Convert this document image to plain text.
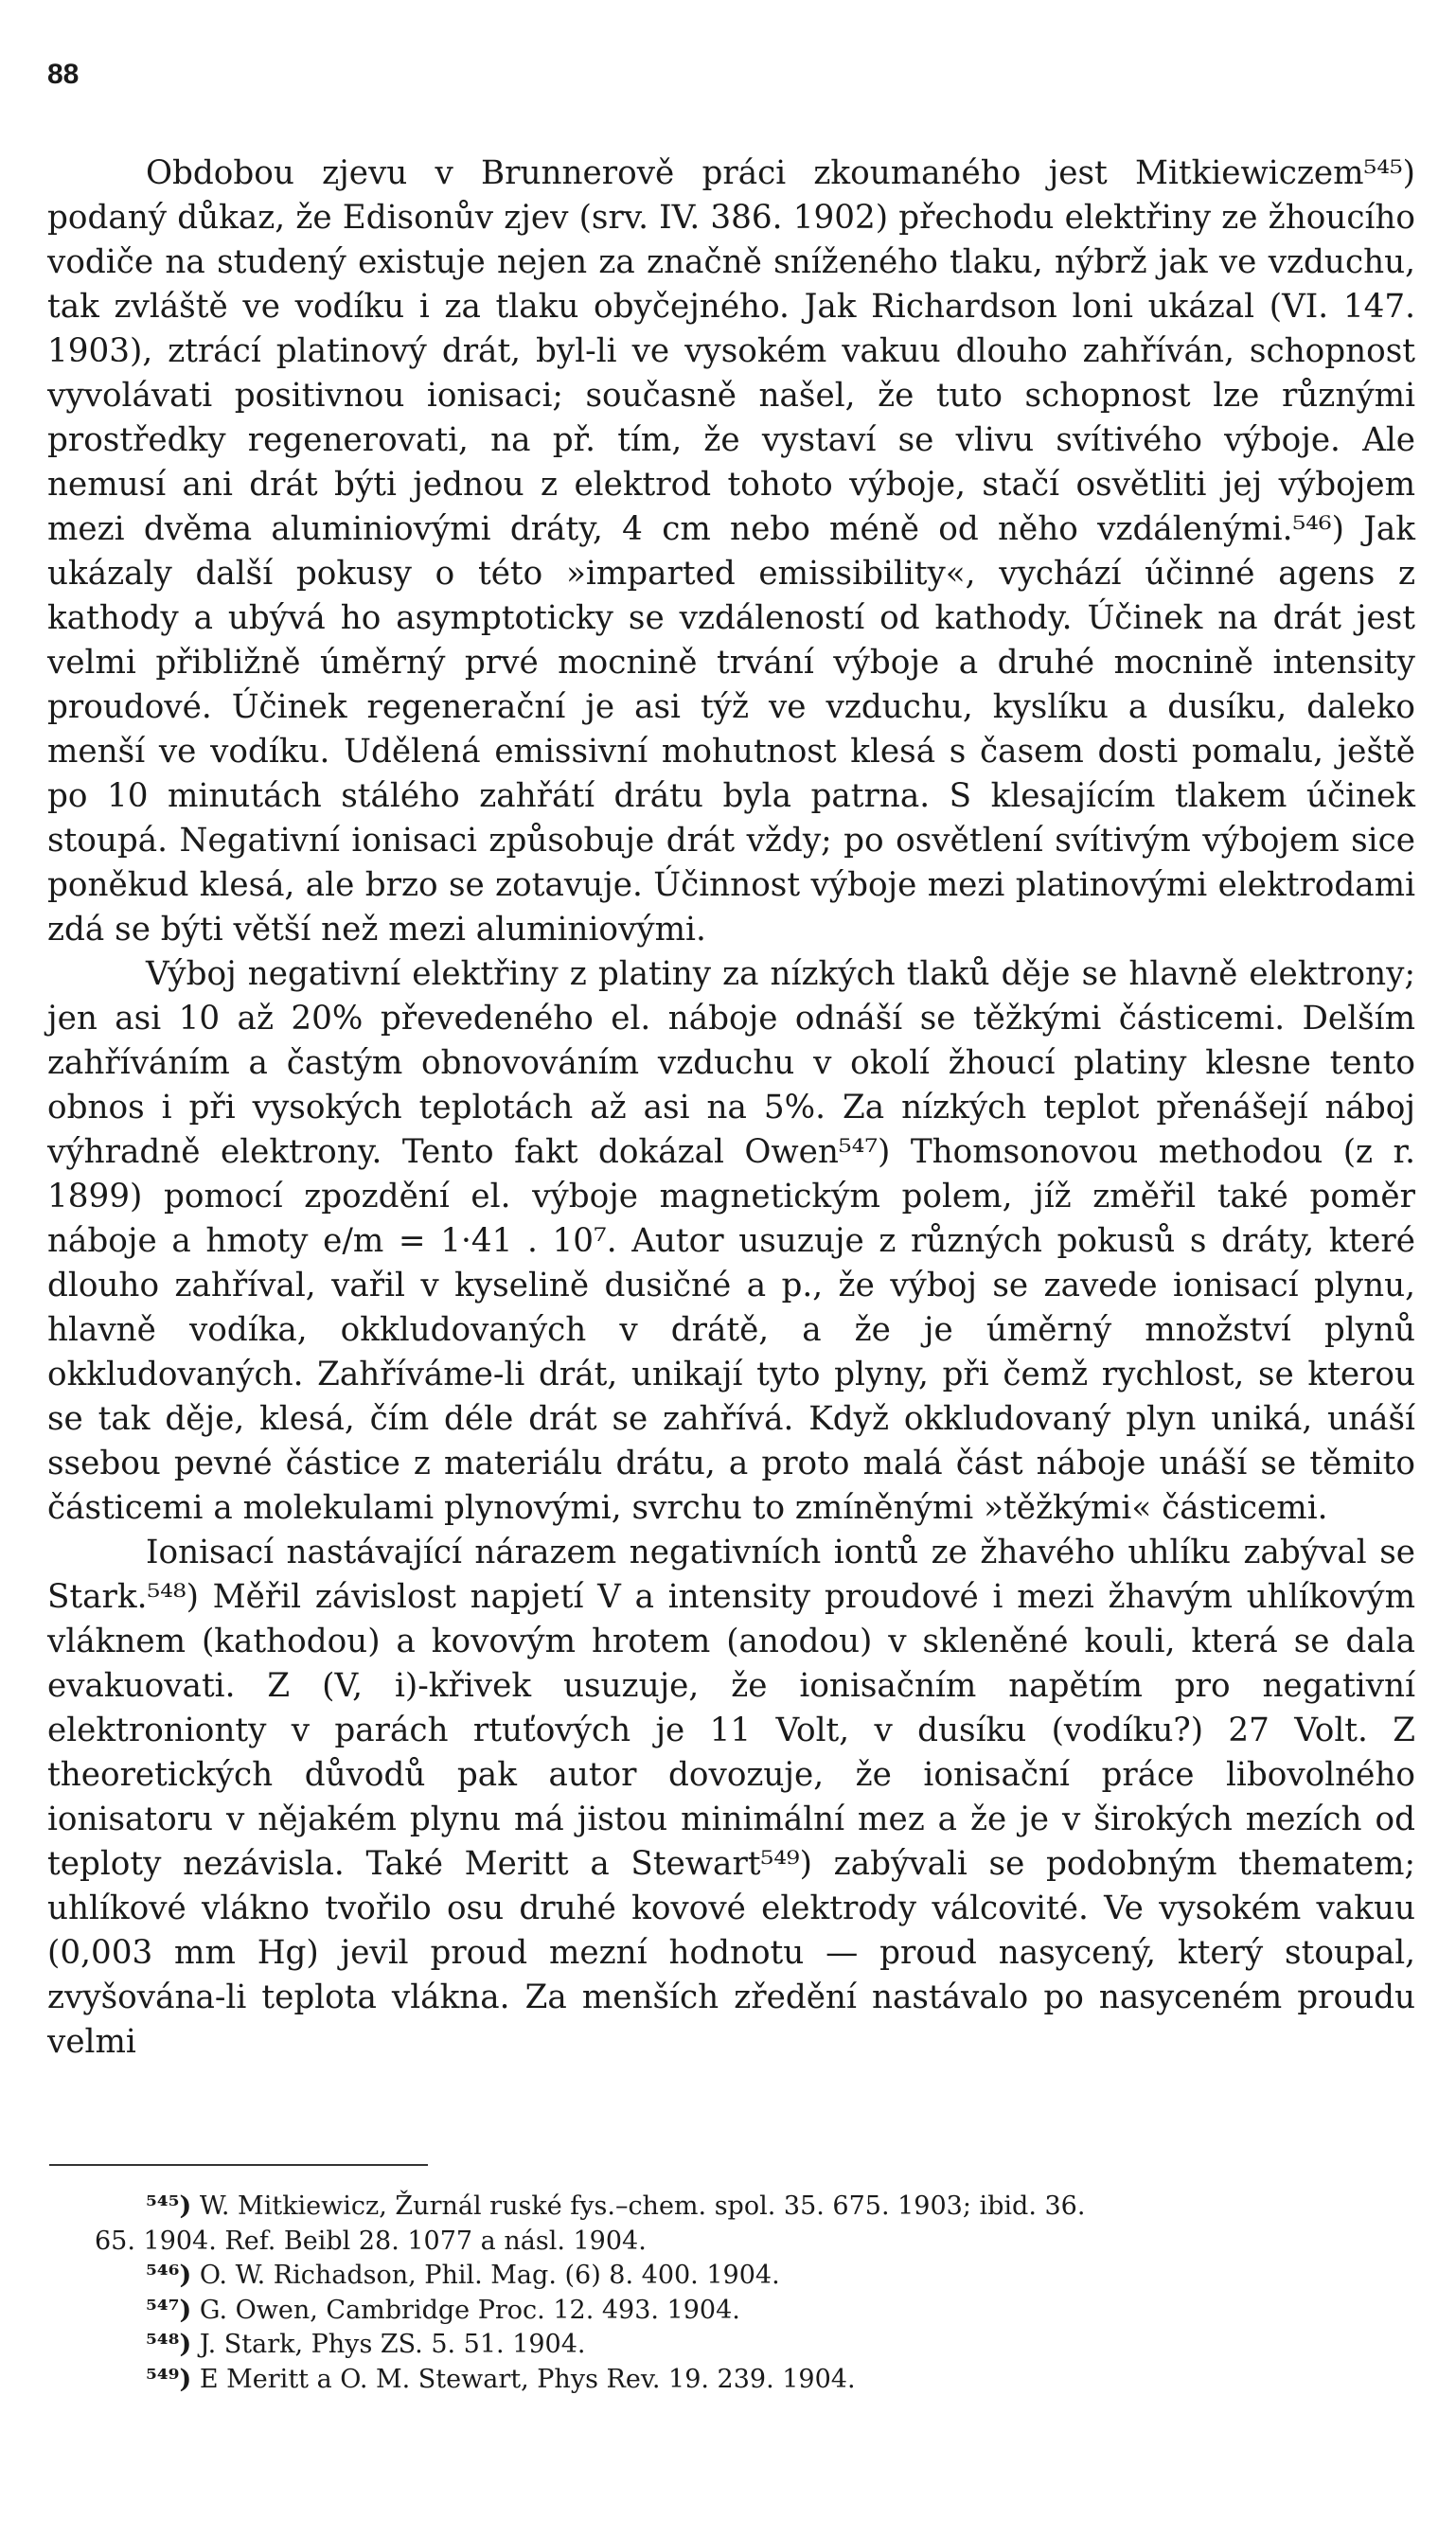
88

Obdobou zjevu v Brunnerově práci zkoumaného jest Mitkiewiczem⁵⁴⁵) podaný důkaz, že Edisonův zjev (srv. IV. 386. 1902) přechodu elektřiny ze žhoucího vodiče na studený existuje nejen za značně sníženého tlaku, nýbrž jak ve vzduchu, tak zvláště ve vodíku i za tlaku obyčejného. Jak Richardson loni ukázal (VI. 147. 1903), ztrácí platinový drát, byl-li ve vysokém vakuu dlouho zahříván, schopnost vyvolávati positivnou ionisaci; současně našel, že tuto schopnost lze různými prostředky regenerovati, na př. tím, že vystaví se vlivu svítivého výboje. Ale nemusí ani drát býti jednou z elektrod tohoto výboje, stačí osvětliti jej výbojem mezi dvěma aluminiovými dráty, 4 cm nebo méně od něho vzdálenými.⁵⁴⁶) Jak ukázaly další pokusy o této »imparted emissibility«, vychází účinné agens z kathody a ubývá ho asymptoticky se vzdáleností od kathody. Účinek na drát jest velmi přibližně úměrný prvé mocnině trvání výboje a druhé mocnině intensity proudové. Účinek regenerační je asi týž ve vzduchu, kyslíku a dusíku, daleko menší ve vodíku. Udělená emissivní mohutnost klesá s časem dosti pomalu, ještě po 10 minutách stálého zahřátí drátu byla patrna. S klesajícím tlakem účinek stoupá. Negativní ionisaci způsobuje drát vždy; po osvětlení svítivým výbojem sice poněkud klesá, ale brzo se zotavuje. Účinnost výboje mezi platinovými elektrodami zdá se býti větší než mezi aluminiovými.

Výboj negativní elektřiny z platiny za nízkých tlaků děje se hlavně elektrony; jen asi 10 až 20% převedeného el. náboje odnáší se těžkými částicemi. Delším zahříváním a častým obnovováním vzduchu v okolí žhoucí platiny klesne tento obnos i při vysokých teplotách až asi na 5%. Za nízkých teplot přenášejí náboj výhradně elektrony. Tento fakt dokázal Owen⁵⁴⁷) Thomsonovou methodou (z r. 1899) pomocí zpozdění el. výboje magnetickým polem, jíž změřil také poměr náboje a hmoty e/m = 1·41 . 10⁷. Autor usuzuje z různých pokusů s dráty, které dlouho zahříval, vařil v kyselině dusičné a p., že výboj se zavede ionisací plynu, hlavně vodíka, okkludovaných v drátě, a že je úměrný množství plynů okkludovaných. Zahříváme-li drát, unikají tyto plyny, při čemž rychlost, se kterou se tak děje, klesá, čím déle drát se zahřívá. Když okkludovaný plyn uniká, unáší ssebou pevné částice z materiálu drátu, a proto malá část náboje unáší se těmito částicemi a molekulami plynovými, svrchu to zmíněnými »těžkými« částicemi.

Ionisací nastávající nárazem negativních iontů ze žhavého uhlíku zabýval se Stark.⁵⁴⁸) Měřil závislost napjetí V a intensity proudové i mezi žhavým uhlíkovým vláknem (kathodou) a kovovým hrotem (anodou) v skleněné kouli, která se dala evakuovati. Z (V, i)-křivek usuzuje, že ionisačním napětím pro negativní elektronionty v parách rtuťových je 11 Volt, v dusíku (vodíku?) 27 Volt. Z theoretických důvodů pak autor dovozuje, že ionisační práce libovolného ionisatoru v nějakém plynu má jistou minimální mez a že je v širokých mezích od teploty nezávisla. Také Meritt a Stewart⁵⁴⁹) zabývali se podobným thematem; uhlíkové vlákno tvořilo osu druhé kovové elektrody válcovité. Ve vysokém vakuu (0,003 mm Hg) jevil proud mezní hodnotu — proud nasycený, který stoupal, zvyšována-li teplota vlákna. Za menších zředění nastávalo po nasyceném proudu velmi

⁵⁴⁵) W. Mitkiewicz, Žurnál ruské fys.–chem. spol. 35. 675. 1903; ibid. 36.

65. 1904. Ref. Beibl 28. 1077 a násl. 1904.

⁵⁴⁶) O. W. Richadson, Phil. Mag. (6) 8. 400. 1904.

⁵⁴⁷) G. Owen, Cambridge Proc. 12. 493. 1904.

⁵⁴⁸) J. Stark, Phys ZS. 5. 51. 1904.

⁵⁴⁹) E Meritt a O. M. Stewart, Phys Rev. 19. 239. 1904.
